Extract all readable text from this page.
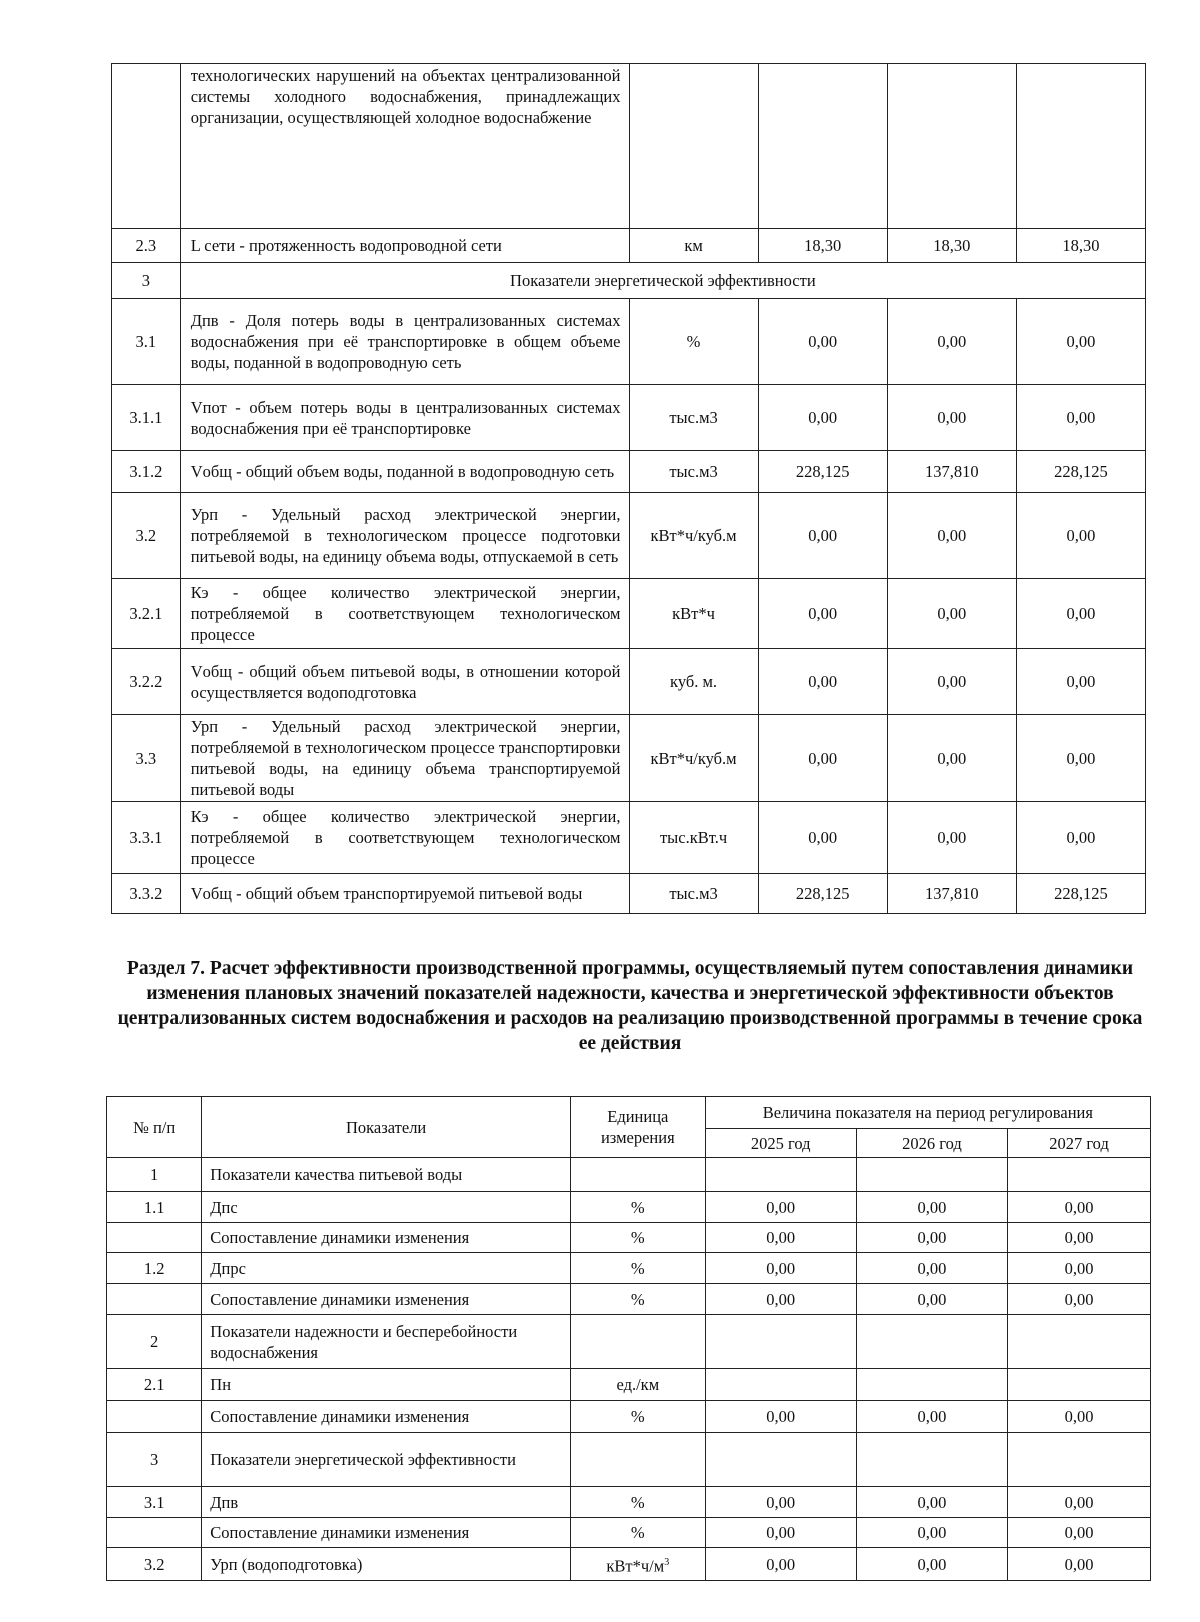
	технологических нарушений на объектах централизованной системы холодного водоснабжения, принадлежащих организации, осуществляющей холодное водоснабжение				
2.3	L сети - протяженность водопроводной сети	км	18,30	18,30	18,30
3	Показатели энергетической эффективности				
3.1	Дпв - Доля потерь воды в централизованных системах водоснабжения при её транспортировке в общем объеме воды, поданной в водопроводную сеть	%	0,00	0,00	0,00
3.1.1	Vпот - объем потерь воды в централизованных системах водоснабжения при её транспортировке	тыс.м3	0,00	0,00	0,00
3.1.2	Vобщ - общий объем воды, поданной в водопроводную сеть	тыс.м3	228,125	137,810	228,125
3.2	Урп - Удельный расход электрической энергии, потребляемой в технологическом процессе подготовки питьевой воды, на единицу объема воды, отпускаемой в сеть	кВт*ч/куб.м	0,00	0,00	0,00
3.2.1	Кэ - общее количество электрической энергии, потребляемой в соответствующем технологическом процессе	кВт*ч	0,00	0,00	0,00
3.2.2	Vобщ - общий объем питьевой воды, в отношении которой осуществляется водоподготовка	куб. м.	0,00	0,00	0,00
3.3	Урп - Удельный расход электрической энергии, потребляемой в технологическом процессе транспортировки питьевой воды, на единицу объема транспортируемой питьевой воды	кВт*ч/куб.м	0,00	0,00	0,00
3.3.1	Кэ - общее количество электрической энергии, потребляемой в соответствующем технологическом процессе	тыс.кВт.ч	0,00	0,00	0,00
3.3.2	Vобщ - общий объем транспортируемой питьевой воды	тыс.м3	228,125	137,810	228,125
Раздел 7. Расчет эффективности производственной программы, осуществляемый путем сопоставления динамики изменения плановых значений показателей надежности, качества и энергетической эффективности объектов централизованных систем водоснабжения и расходов на реализацию производственной программы в течение срока ее действия
№ п/п	Показатели	Единица измерения	Величина показателя на период регулирования		
			2025 год	2026 год	2027 год
1	Показатели качества питьевой воды				
1.1	Дпс	%	0,00	0,00	0,00
	Сопоставление динамики изменения	%	0,00	0,00	0,00
1.2	Дпрс	%	0,00	0,00	0,00
	Сопоставление динамики изменения	%	0,00	0,00	0,00
2	Показатели надежности и бесперебойности водоснабжения				
2.1	Пн	ед./км			
	Сопоставление динамики изменения	%	0,00	0,00	0,00
3	Показатели энергетической эффективности				
3.1	Дпв	%	0,00	0,00	0,00
	Сопоставление динамики изменения	%	0,00	0,00	0,00
3.2	Урп (водоподготовка)	$кВт*ч/м^3$	0,00	0,00	0,00
